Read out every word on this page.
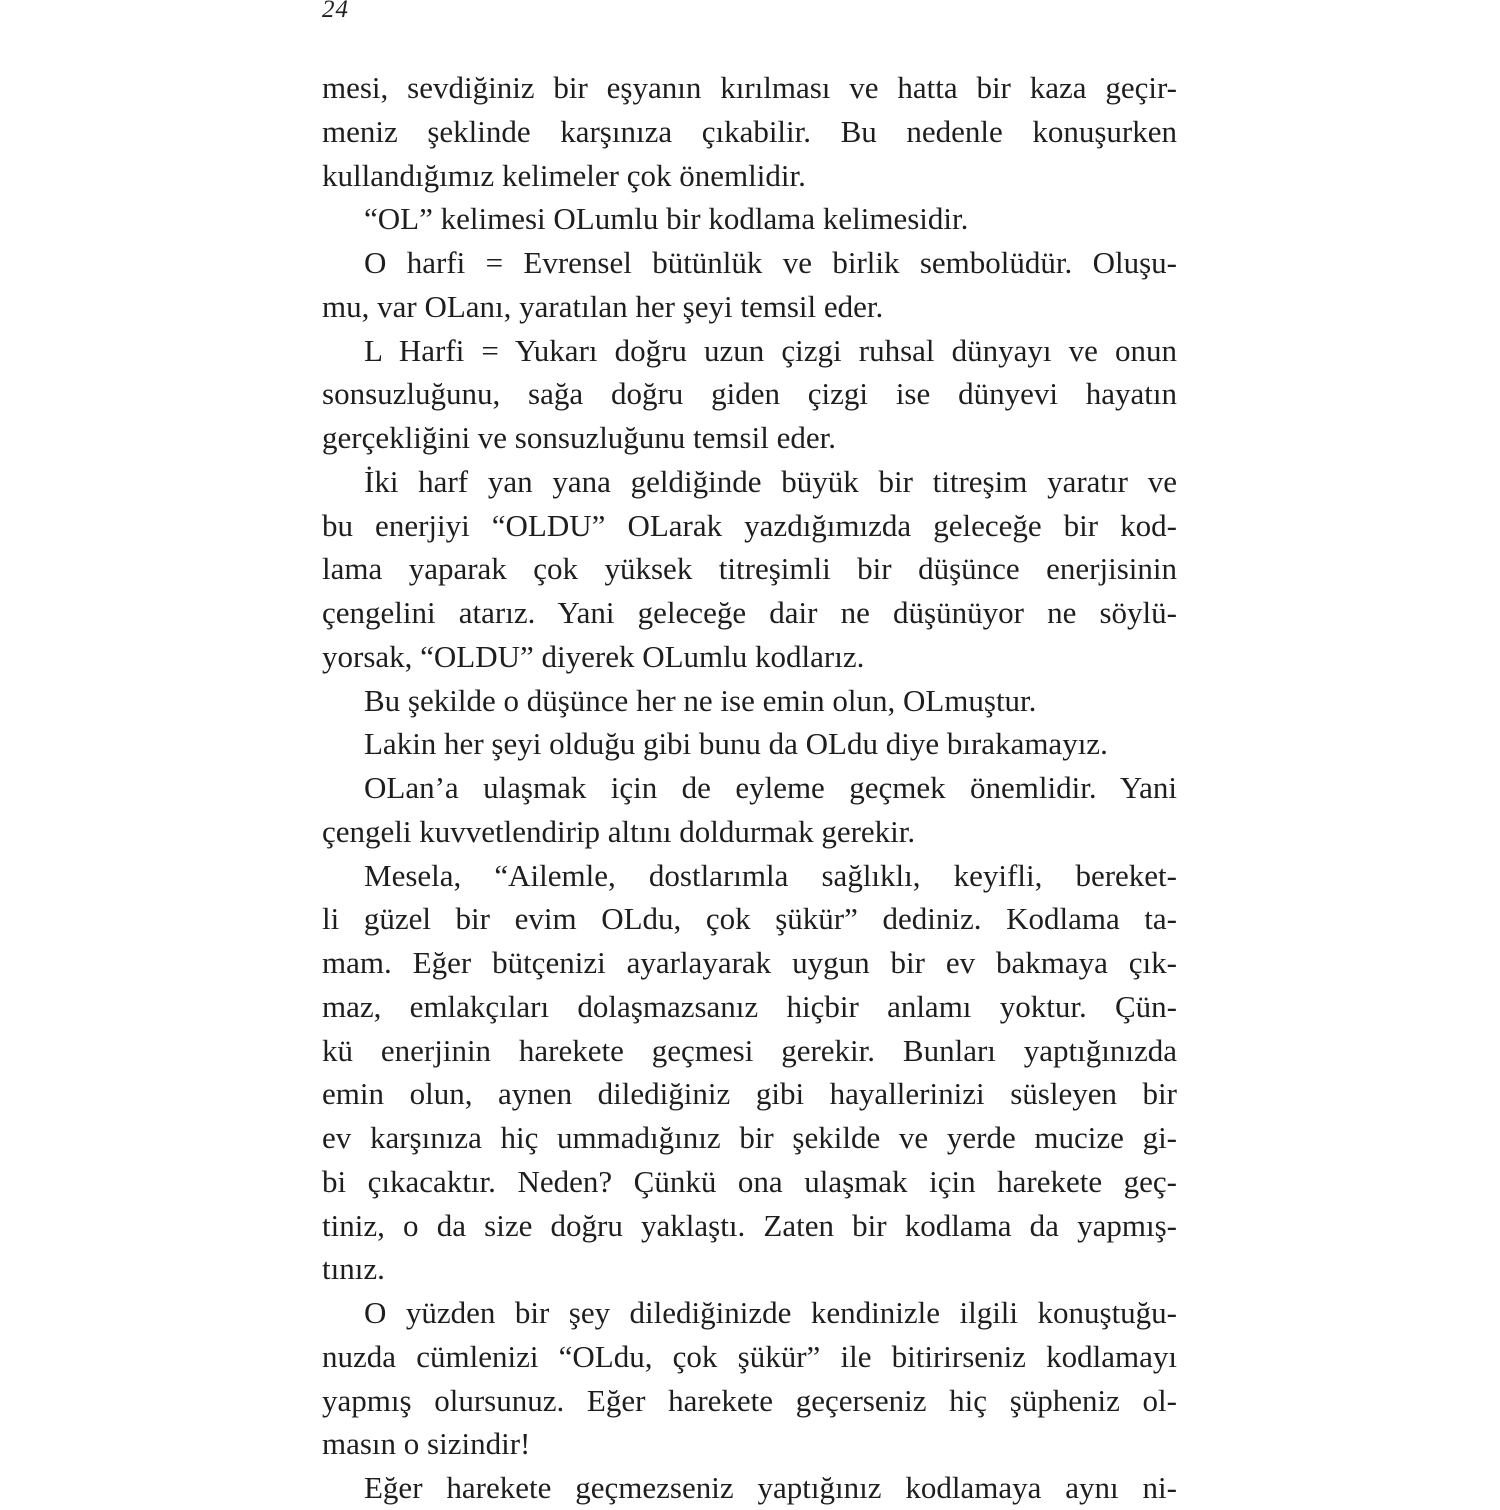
24
mesi, sevdiğiniz bir eşyanın kırılması ve hatta bir kaza geçir-
meniz şeklinde karşınıza çıkabilir. Bu nedenle konuşurken
kullandığımız kelimeler çok önemlidir.
“OL” kelimesi OLumlu bir kodlama kelimesidir.
O harfi = Evrensel bütünlük ve birlik sembolüdür. Oluşu-
mu, var OLanı, yaratılan her şeyi temsil eder.
L Harfi = Yukarı doğru uzun çizgi ruhsal dünyayı ve onun
sonsuzluğunu, sağa doğru giden çizgi ise dünyevi hayatın
gerçekliğini ve sonsuzluğunu temsil eder.
İki harf yan yana geldiğinde büyük bir titreşim yaratır ve
bu enerjiyi “OLDU” OLarak yazdığımızda geleceğe bir kod-
lama yaparak çok yüksek titreşimli bir düşünce enerjisinin
çengelini atarız. Yani geleceğe dair ne düşünüyor ne söylü-
yorsak, “OLDU” diyerek OLumlu kodlarız.
Bu şekilde o düşünce her ne ise emin olun, OLmuştur.
Lakin her şeyi olduğu gibi bunu da OLdu diye bırakamayız.
OLan’a ulaşmak için de eyleme geçmek önemlidir. Yani
çengeli kuvvetlendirip altını doldurmak gerekir.
Mesela, “Ailemle, dostlarımla sağlıklı, keyifli, bereket-
li güzel bir evim OLdu, çok şükür” dediniz. Kodlama ta-
mam. Eğer bütçenizi ayarlayarak uygun bir ev bakmaya çık-
maz, emlakçıları dolaşmazsanız hiçbir anlamı yoktur. Çün-
kü enerjinin harekete geçmesi gerekir. Bunları yaptığınızda
emin olun, aynen dilediğiniz gibi hayallerinizi süsleyen bir
ev karşınıza hiç ummadığınız bir şekilde ve yerde mucize gi-
bi çıkacaktır. Neden? Çünkü ona ulaşmak için harekete geç-
tiniz, o da size doğru yaklaştı. Zaten bir kodlama da yapmış-
tınız.
O yüzden bir şey dilediğinizde kendinizle ilgili konuştuğu-
nuzda cümlenizi “OLdu, çok şükür” ile bitirirseniz kodlamayı
yapmış olursunuz. Eğer harekete geçerseniz hiç şüpheniz ol-
masın o sizindir!
Eğer harekete geçmezseniz yaptığınız kodlamaya aynı ni-
